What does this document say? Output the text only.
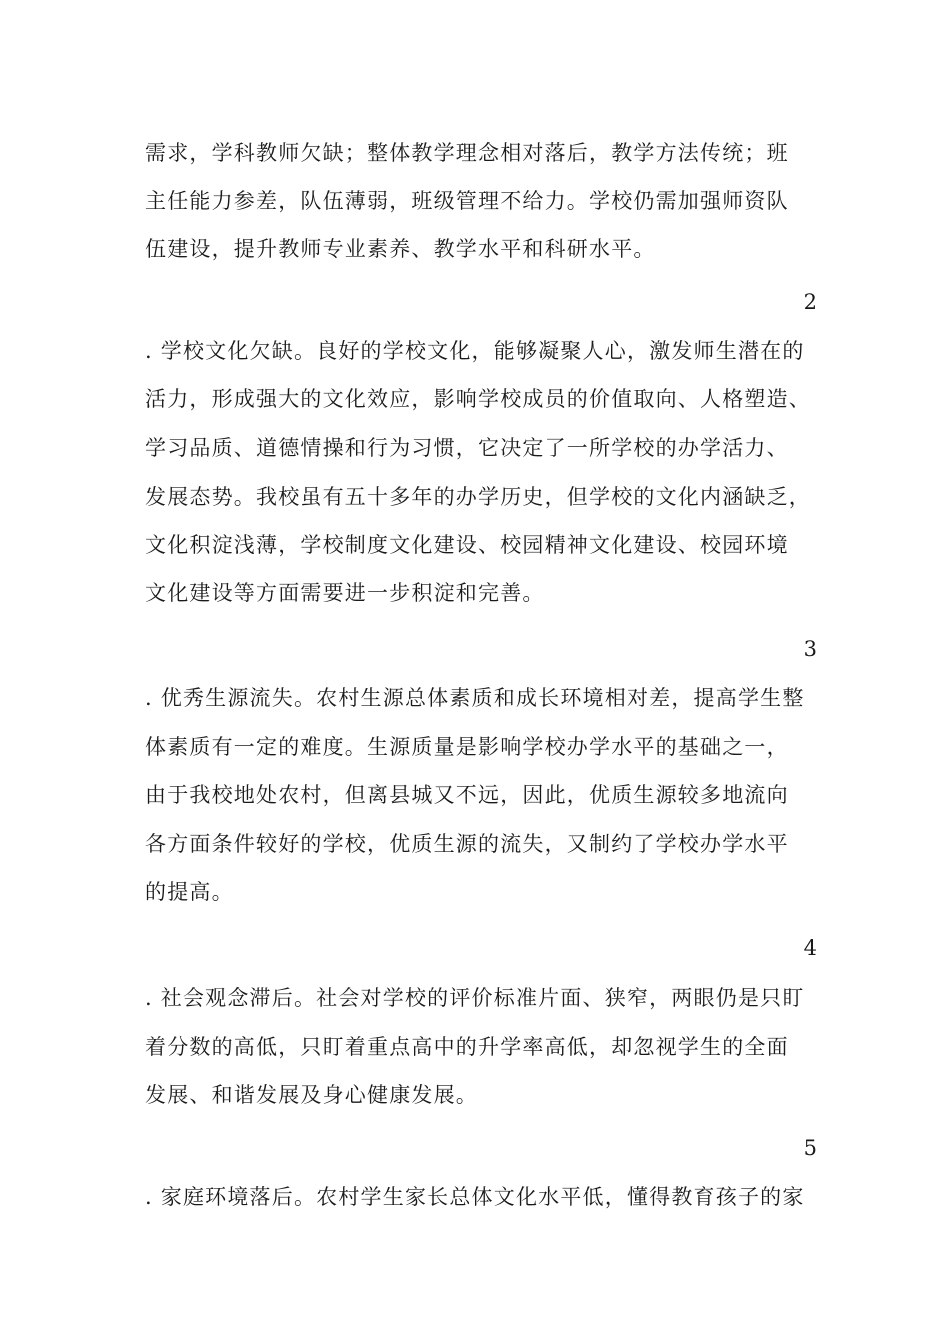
需求，学科教师欠缺；整体教学理念相对落后，教学方法传统；班
主任能力参差，队伍薄弱，班级管理不给力。学校仍需加强师资队
伍建设，提升教师专业素养、教学水平和科研水平。
2
. 学校文化欠缺。良好的学校文化，能够凝聚人心，激发师生潜在的
活力，形成强大的文化效应，影响学校成员的价值取向、人格塑造、
学习品质、道德情操和行为习惯，它决定了一所学校的办学活力、
发展态势。我校虽有五十多年的办学历史，但学校的文化内涵缺乏，
文化积淀浅薄，学校制度文化建设、校园精神文化建设、校园环境
文化建设等方面需要进一步积淀和完善。
3
. 优秀生源流失。农村生源总体素质和成长环境相对差，提高学生整
体素质有一定的难度。生源质量是影响学校办学水平的基础之一，
由于我校地处农村，但离县城又不远，因此，优质生源较多地流向
各方面条件较好的学校，优质生源的流失，又制约了学校办学水平
的提高。
4
. 社会观念滞后。社会对学校的评价标准片面、狭窄，两眼仍是只盯
着分数的高低，只盯着重点高中的升学率高低，却忽视学生的全面
发展、和谐发展及身心健康发展。
5
. 家庭环境落后。农村学生家长总体文化水平低，懂得教育孩子的家
